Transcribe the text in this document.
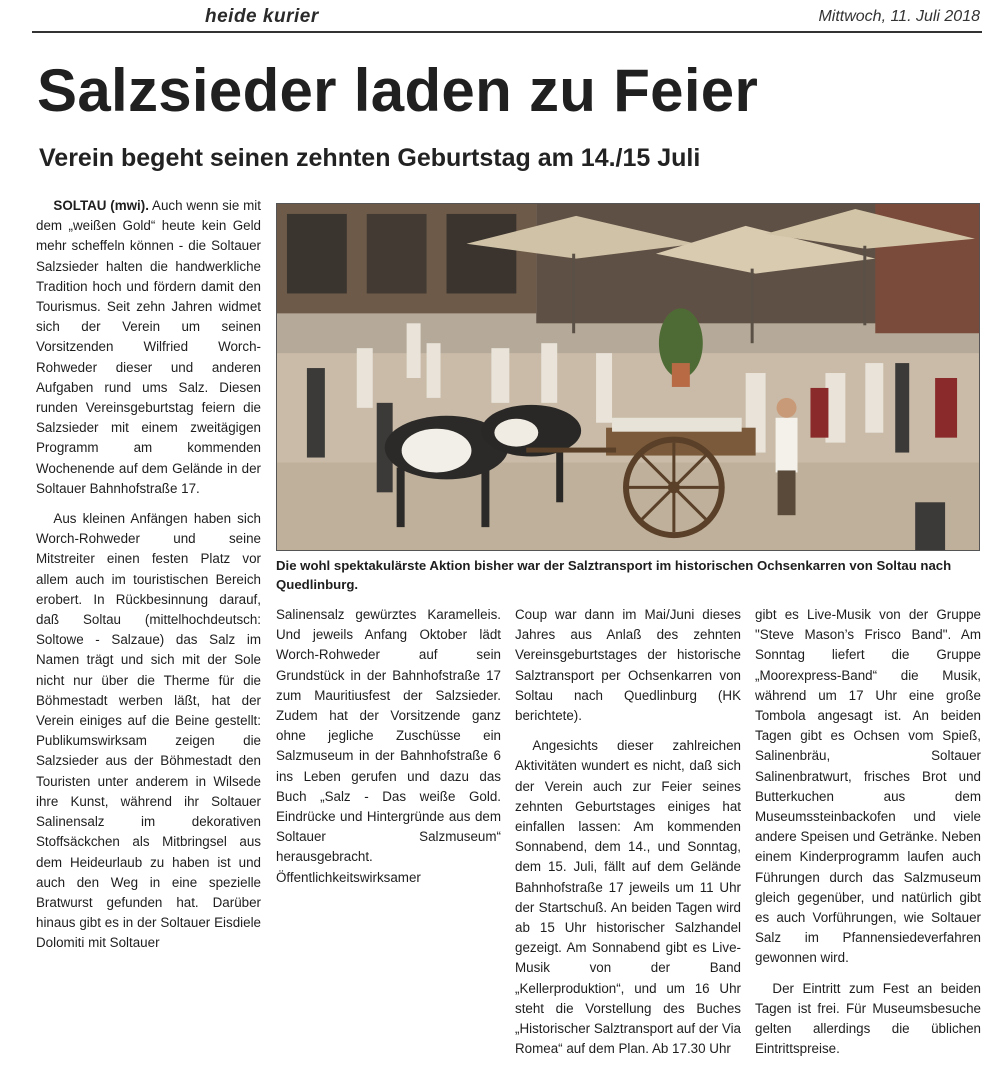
heide kurier	Mittwoch, 11. Juli 2018
Salzsieder laden zu Feier
Verein begeht seinen zehnten Geburtstag am 14./15 Juli

SOLTAU (mwi). Auch wenn sie mit dem „weißen Gold“ heute kein Geld mehr scheffeln können - die Soltauer Salzsieder halten die handwerkliche Tradition hoch und fördern damit den Tourismus. Seit zehn Jahren widmet sich der Verein um seinen Vorsitzenden Wilfried Worch-Rohweder dieser und anderen Aufgaben rund ums Salz. Diesen runden Vereinsgeburtstag feiern die Salzsieder mit einem zweitägigen Programm am kommenden Wochenende auf dem Gelände in der Soltauer Bahnhofstraße 17.

Aus kleinen Anfängen haben sich Worch-Rohweder und seine Mitstreiter einen festen Platz vor allem auch im touristischen Bereich erobert. In Rückbesinnung darauf, daß Soltau (mittelhochdeutsch: Soltowe - Salzaue) das Salz im Namen trägt und sich mit der Sole nicht nur über die Therme für die Böhmestadt werben läßt, hat der Verein einiges auf die Beine gestellt: Publikumswirksam zeigen die Salzsieder aus der Böhmestadt den Touristen unter anderem in Wilsede ihre Kunst, während ihr Soltauer Salinensalz im dekorativen Stoffsäckchen als Mitbringsel aus dem Heideurlaub zu haben ist und auch den Weg in eine spezielle Bratwurst gefunden hat. Darüber hinaus gibt es in der Soltauer Eisdiele Dolomiti mit Soltauer

Die wohl spektakulärste Aktion bisher war der Salztransport im historischen Ochsenkarren von Soltau nach Quedlinburg.

Salinensalz gewürztes Karamelleis. Und jeweils Anfang Oktober lädt Worch-Rohweder auf sein Grundstück in der Bahnhofstraße 17 zum Mauritiusfest der Salzsieder. Zudem hat der Vorsitzende ganz ohne jegliche Zuschüsse ein Salzmuseum in der Bahnhofstraße 6 ins Leben gerufen und dazu das Buch „Salz - Das weiße Gold. Eindrücke und Hintergründe aus dem Soltauer Salzmuseum“ herausgebracht. Öffentlichkeitswirksamer

Coup war dann im Mai/Juni dieses Jahres aus Anlaß des zehnten Vereinsgeburtstages der historische Salztransport per Ochsenkarren von Soltau nach Quedlinburg (HK berichtete).

Angesichts dieser zahlreichen Aktivitäten wundert es nicht, daß sich der Verein auch zur Feier seines zehnten Geburtstages einiges hat einfallen lassen: Am kommenden Sonnabend, dem 14., und Sonntag, dem 15. Juli, fällt auf dem Gelände Bahnhofstraße 17 jeweils um 11 Uhr der Startschuß. An beiden Tagen wird ab 15 Uhr historischer Salzhandel gezeigt. Am Sonnabend gibt es Live-Musik von der Band „Kellerproduktion“, und um 16 Uhr steht die Vorstellung des Buches „Historischer Salztransport auf der Via Romea“ auf dem Plan. Ab 17.30 Uhr

gibt es Live-Musik von der Gruppe "Steve Mason’s Frisco Band". Am Sonntag liefert die Gruppe „Moorexpress-Band“ die Musik, während um 17 Uhr eine große Tombola angesagt ist. An beiden Tagen gibt es Ochsen vom Spieß, Salinenbräu, Soltauer Salinenbratwurt, frisches Brot und Butterkuchen aus dem Museumssteinbackofen und viele andere Speisen und Getränke. Neben einem Kinderprogramm laufen auch Führungen durch das Salzmuseum gleich gegenüber, und natürlich gibt es auch Vorführungen, wie Soltauer Salz im Pfannensiedeverfahren gewonnen wird.

Der Eintritt zum Fest an beiden Tagen ist frei. Für Museumsbesuche gelten allerdings die üblichen Eintrittspreise.
